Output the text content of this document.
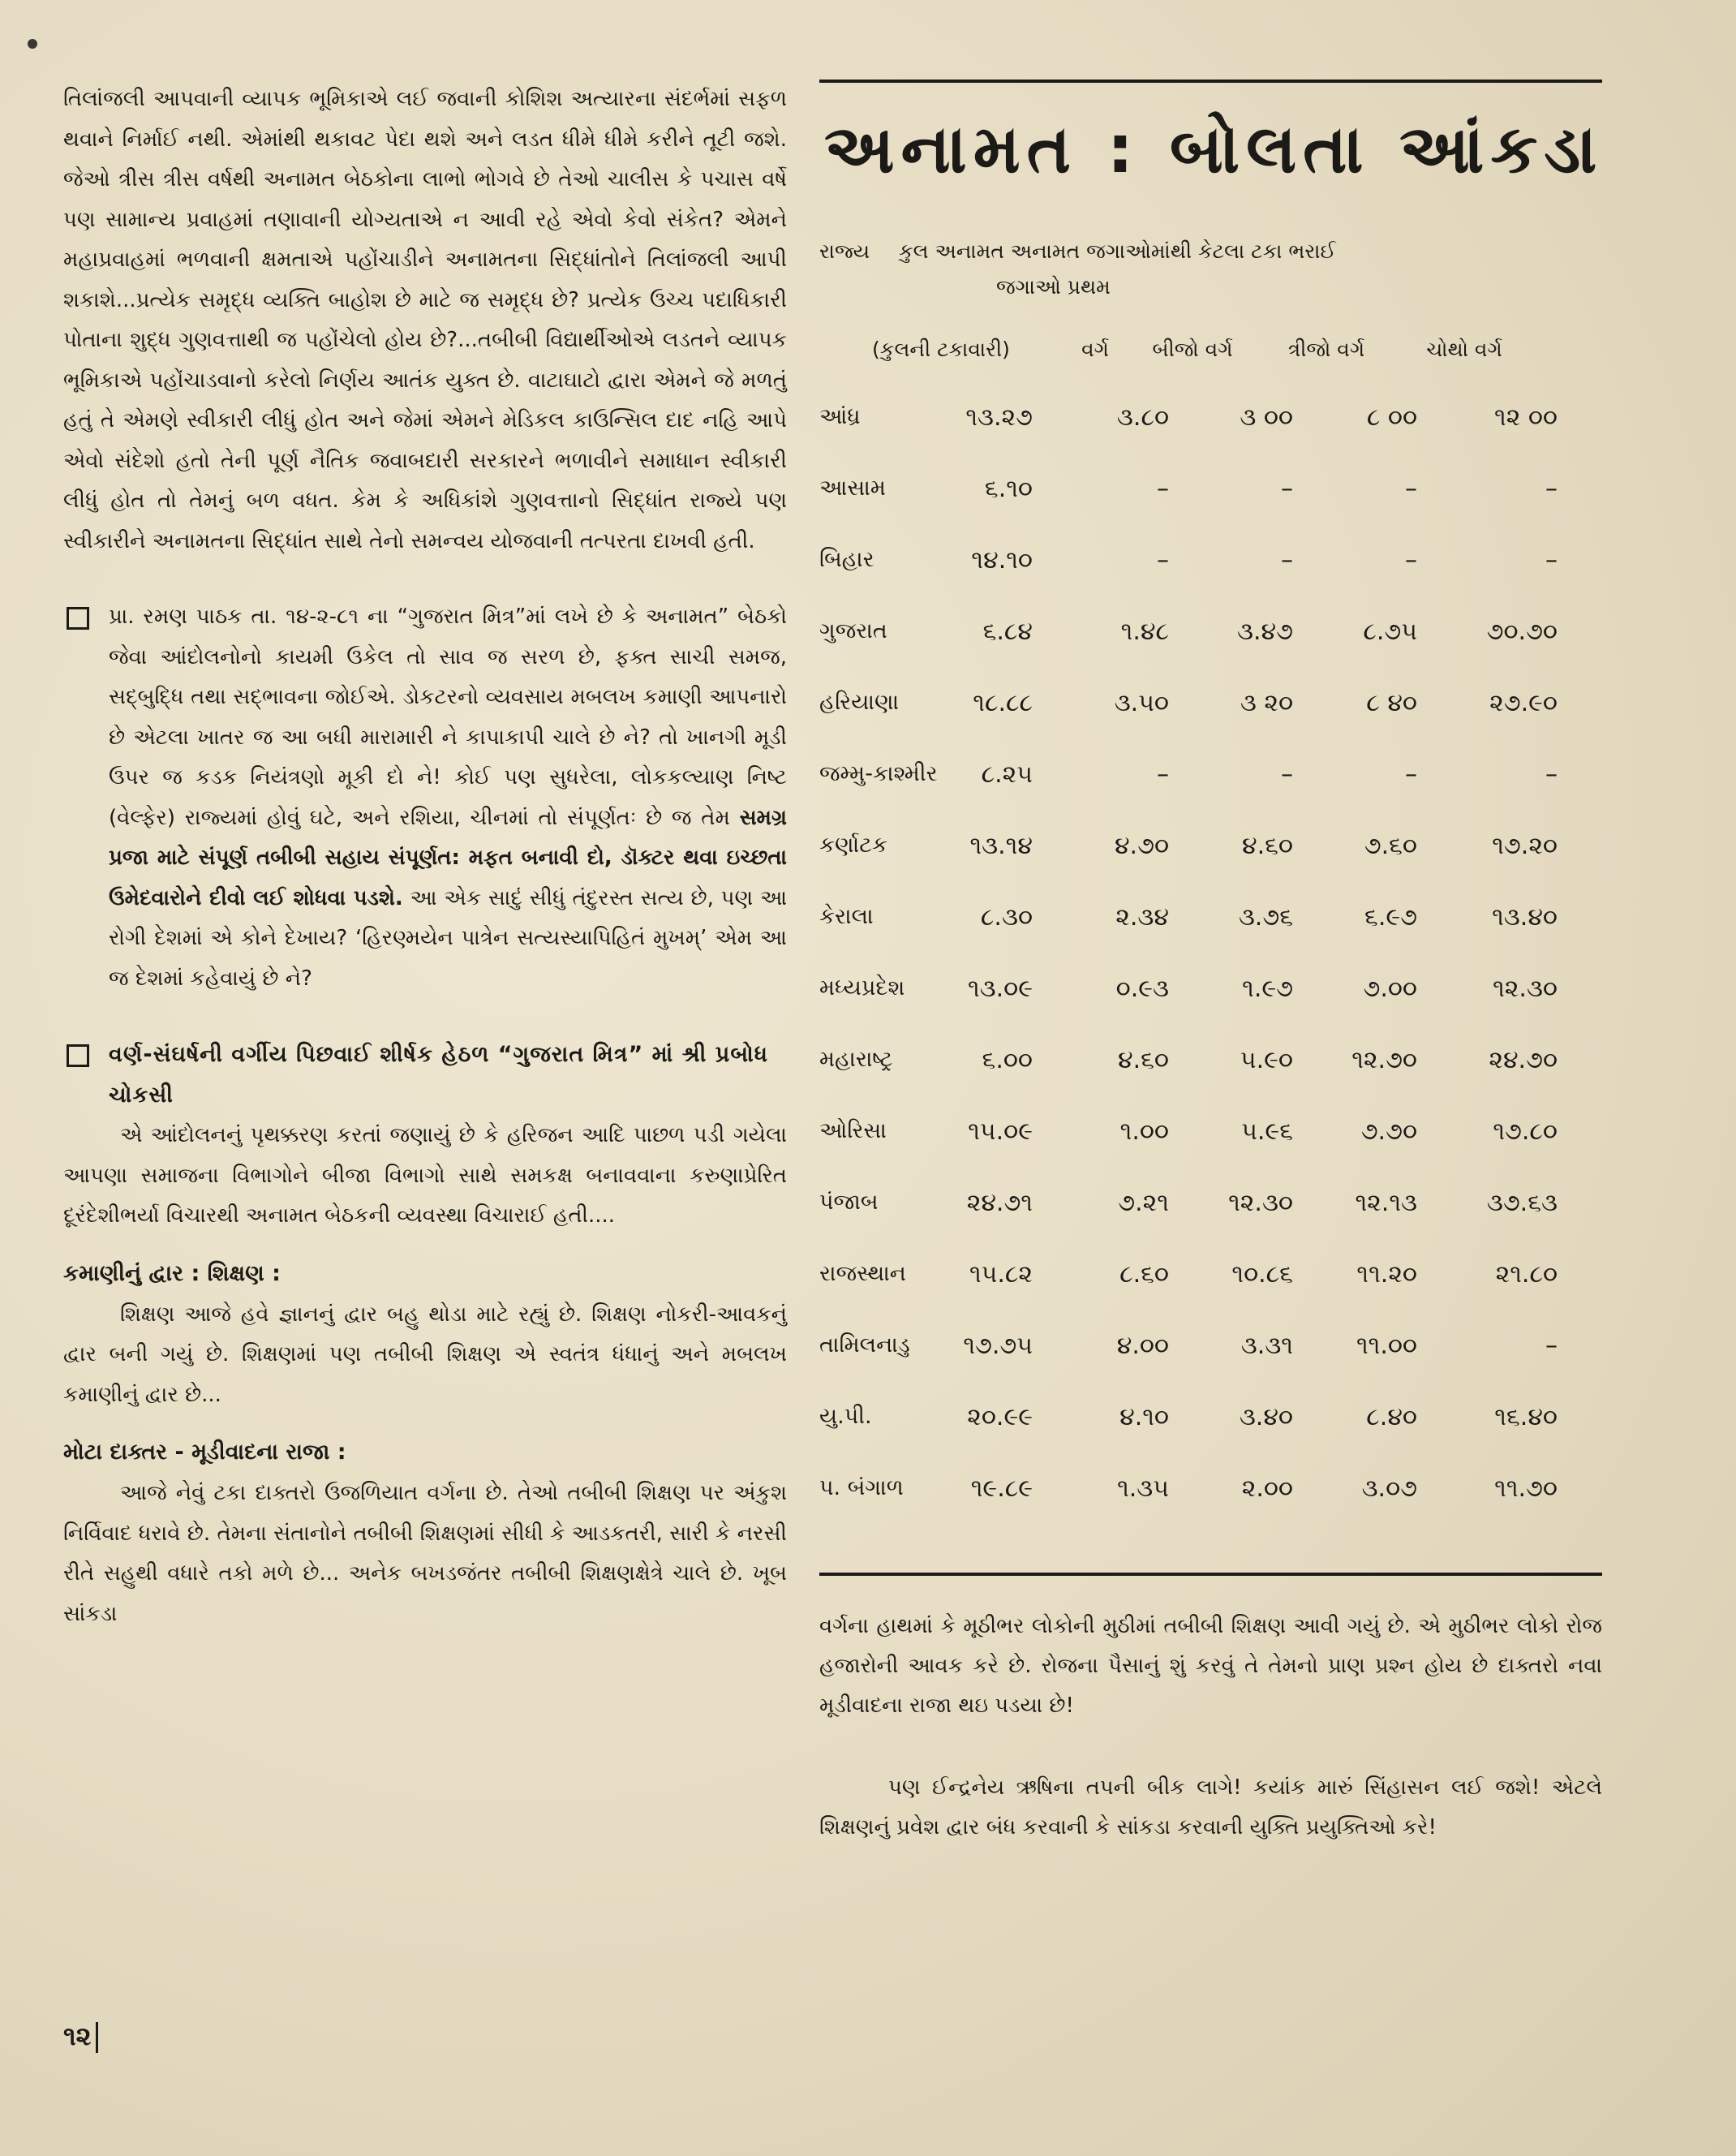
તિલાંજલી આપવાની વ્યાપક ભૂમિકાએ લઈ જવાની કોશિશ અત્યારના સંદર્ભમાં સફળ થવાને નિર્માઈ નથી. એમાંથી થકાવટ પેદા થશે અને લડત ધીમે ધીમે કરીને તૂટી જશે. જેઓ ત્રીસ ત્રીસ વર્ષથી અનામત બેઠકોના લાભો ભોગવે છે તેઓ ચાલીસ કે પચાસ વર્ષે પણ સામાન્ય પ્રવાહમાં તણાવાની યોગ્યતાએ ન આવી રહે એવો કેવો સંકેત? એમને મહાપ્રવાહમાં ભળવાની ક્ષમતાએ પહોંચાડીને અનામતના સિદ્ધાંતોને તિલાંજલી આપી શકાશે...પ્રત્યેક સમૃદ્ધ વ્યક્તિ બાહોશ છે માટે જ સમૃદ્ધ છે? પ્રત્યેક ઉચ્ચ પદાધિકારી પોતાના શુદ્ધ ગુણવત્તાથી જ પહોંચેલો હોય છે?...તબીબી વિદ્યાર્થીઓએ લડતને વ્યાપક ભૂમિકાએ પહોંચાડવાનો કરેલો નિર્ણય આતંક યુક્ત છે. વાટાઘાટો દ્વારા એમને જે મળતું હતું તે એમણે સ્વીકારી લીધું હોત અને જેમાં એમને મેડિકલ કાઉન્સિલ દાદ નહિ આપે એવો સંદેશો હતો તેની પૂર્ણ નૈતિક જવાબદારી સરકારને ભળાવીને સમાધાન સ્વીકારી લીધું હોત તો તેમનું બળ વધત. કેમ કે અધિકાંશે ગુણવત્તાનો સિદ્ધાંત રાજ્યે પણ સ્વીકારીને અનામતના સિદ્ધાંત સાથે તેનો સમન્વય યોજવાની તત્પરતા દાખવી હતી.

પ્રા. રમણ પાઠક તા. ૧૪-૨-૮૧ ના “ગુજરાત મિત્ર”માં લખે છે કે અનામત” બેઠકો જેવા આંદોલનોનો કાયમી ઉકેલ તો સાવ જ સરળ છે, ફક્ત સાચી સમજ, સદ્બુદ્ધિ તથા સદ્ભાવના જોઈએ. ડોકટરનો વ્યવસાય મબલખ કમાણી આપનારો છે એટલા ખાતર જ આ બધી મારામારી ને કાપાકાપી ચાલે છે ને? તો ખાનગી મૂડી ઉપર જ કડક નિયંત્રણો મૂકી દો ને! કોઈ પણ સુધરેલા, લોકકલ્યાણ નિષ્ટ (વેલ્ફેર) રાજ્યમાં હોવું ઘટે, અને રશિયા, ચીનમાં તો સંપૂર્ણતઃ છે જ તેમ સમગ્ર પ્રજા માટે સંપૂર્ણ તબીબી સહાય સંપૂર્ણત: મફત બનાવી દો, ડૉક્ટર થવા ઇચ્છતા ઉમેદવારોને દીવો લઈ શોધવા પડશે. આ એક સાદું સીધું તંદુરસ્ત સત્ય છે, પણ આ રોગી દેશમાં એ કોને દેખાય? ‘હિરણ્મયેન પાત્રેન સત્યસ્યાપિહિતં મુખમ્’ એમ આ જ દેશમાં કહેવાયું છે ને?
વર્ણ-સંઘર્ષની વર્ગીય પિછવાઈ શીર્ષક હેઠળ “ગુજરાત મિત્ર” માં શ્રી પ્રબોધ ચોકસી

એ આંદોલનનું પૃથક્કરણ કરતાં જણાયું છે કે હરિજન આદિ પાછળ પડી ગયેલા આપણા સમાજના વિભાગોને બીજા વિભાગો સાથે સમકક્ષ બનાવવાના કરુણાપ્રેરિત દૂરંદેશીભર્યા વિચારથી અનામત બેઠકની વ્યવસ્થા વિચારાઈ હતી....

કમાણીનું દ્વાર : શિક્ષણ :

શિક્ષણ આજે હવે જ્ઞાનનું દ્વાર બહુ થોડા માટે રહ્યું છે. શિક્ષણ નોકરી-આવકનું દ્વાર બની ગયું છે. શિક્ષણમાં પણ તબીબી શિક્ષણ એ સ્વતંત્ર ધંધાનું અને મબલખ કમાણીનું દ્વાર છે...

મોટા દાક્તર - મૂડીવાદના રાજા :

આજે નેવું ટકા દાક્તરો ઉજળિયાત વર્ગના છે. તેઓ તબીબી શિક્ષણ પર અંકુશ નિર્વિવાદ ધરાવે છે. તેમના સંતાનોને તબીબી શિક્ષણમાં સીધી કે આડકતરી, સારી કે નરસી રીતે સહુથી વધારે તકો મળે છે... અનેક બખડજંતર તબીબી શિક્ષણક્ષેત્રે ચાલે છે. ખૂબ સાંકડા

અનામત : બોલતા આંકડા
રાજ્ય	કુલ અનામત અનામત જગાઓમાંથી કેટલા ટકા ભરાઈ
જગાઓ પ્રથમ
(કુલની ટકાવારી)	વર્ગ	બીજો વર્ગ	ત્રીજો વર્ગ	ચોથો વર્ગ
આંધ્ર	૧૩.૨૭	૩.૮૦	૩ ૦૦	૮ ૦૦	૧૨ ૦૦
આસામ	૬.૧૦	–	–	–	–
બિહાર	૧૪.૧૦	–	–	–	–
ગુજરાત	૬.૮૪	૧.૪૮	૩.૪૭	૮.૭૫	૭૦.૭૦
હરિયાણા	૧૮.૮૮	૩.૫૦	૩ ૨૦	૮ ૪૦	૨૭.૯૦
જમ્મુ-કાશ્મીર	૮.૨૫	–	–	–	–
કર્ણાટક	૧૩.૧૪	૪.૭૦	૪.૬૦	૭.૬૦	૧૭.૨૦
કેરાલા	૮.૩૦	૨.૩૪	૩.૭૬	૬.૯૭	૧૩.૪૦
મધ્યપ્રદેશ	૧૩.૦૯	૦.૯૩	૧.૯૭	૭.૦૦	૧૨.૩૦
મહારાષ્ટ્ર	૬.૦૦	૪.૬૦	૫.૯૦	૧૨.૭૦	૨૪.૭૦
ઓરિસા	૧૫.૦૯	૧.૦૦	૫.૯૬	૭.૭૦	૧૭.૮૦
પંજાબ	૨૪.૭૧	૭.૨૧	૧૨.૩૦	૧૨.૧૩	૩૭.૬૩
રાજસ્થાન	૧૫.૮૨	૮.૬૦	૧૦.૮૬	૧૧.૨૦	૨૧.૮૦
તામિલનાડુ	૧૭.૭૫	૪.૦૦	૩.૩૧	૧૧.૦૦	–
યુ.પી.	૨૦.૯૯	૪.૧૦	૩.૪૦	૮.૪૦	૧૬.૪૦
પ. બંગાળ	૧૯.૮૯	૧.૩૫	૨.૦૦	૩.૦૭	૧૧.૭૦

વર્ગના હાથમાં કે મૂઠીભર લોકોની મુઠીમાં તબીબી શિક્ષણ આવી ગયું છે. એ મુઠીભર લોકો રોજ હજારોની આવક કરે છે. રોજના પૈસાનું શું કરવું તે તેમનો પ્રાણ પ્રશ્ન હોય છે દાક્તરો નવા મૂડીવાદના રાજા થઇ પડયા છે!

પણ ઈન્દ્રનેય ઋષિના તપની બીક લાગે! કયાંક મારું સિંહાસન લઈ જશે! એટલે શિક્ષણનું પ્રવેશ દ્વાર બંધ કરવાની કે સાંકડા કરવાની યુક્તિ પ્રયુક્તિઓ કરે!

૧૨
